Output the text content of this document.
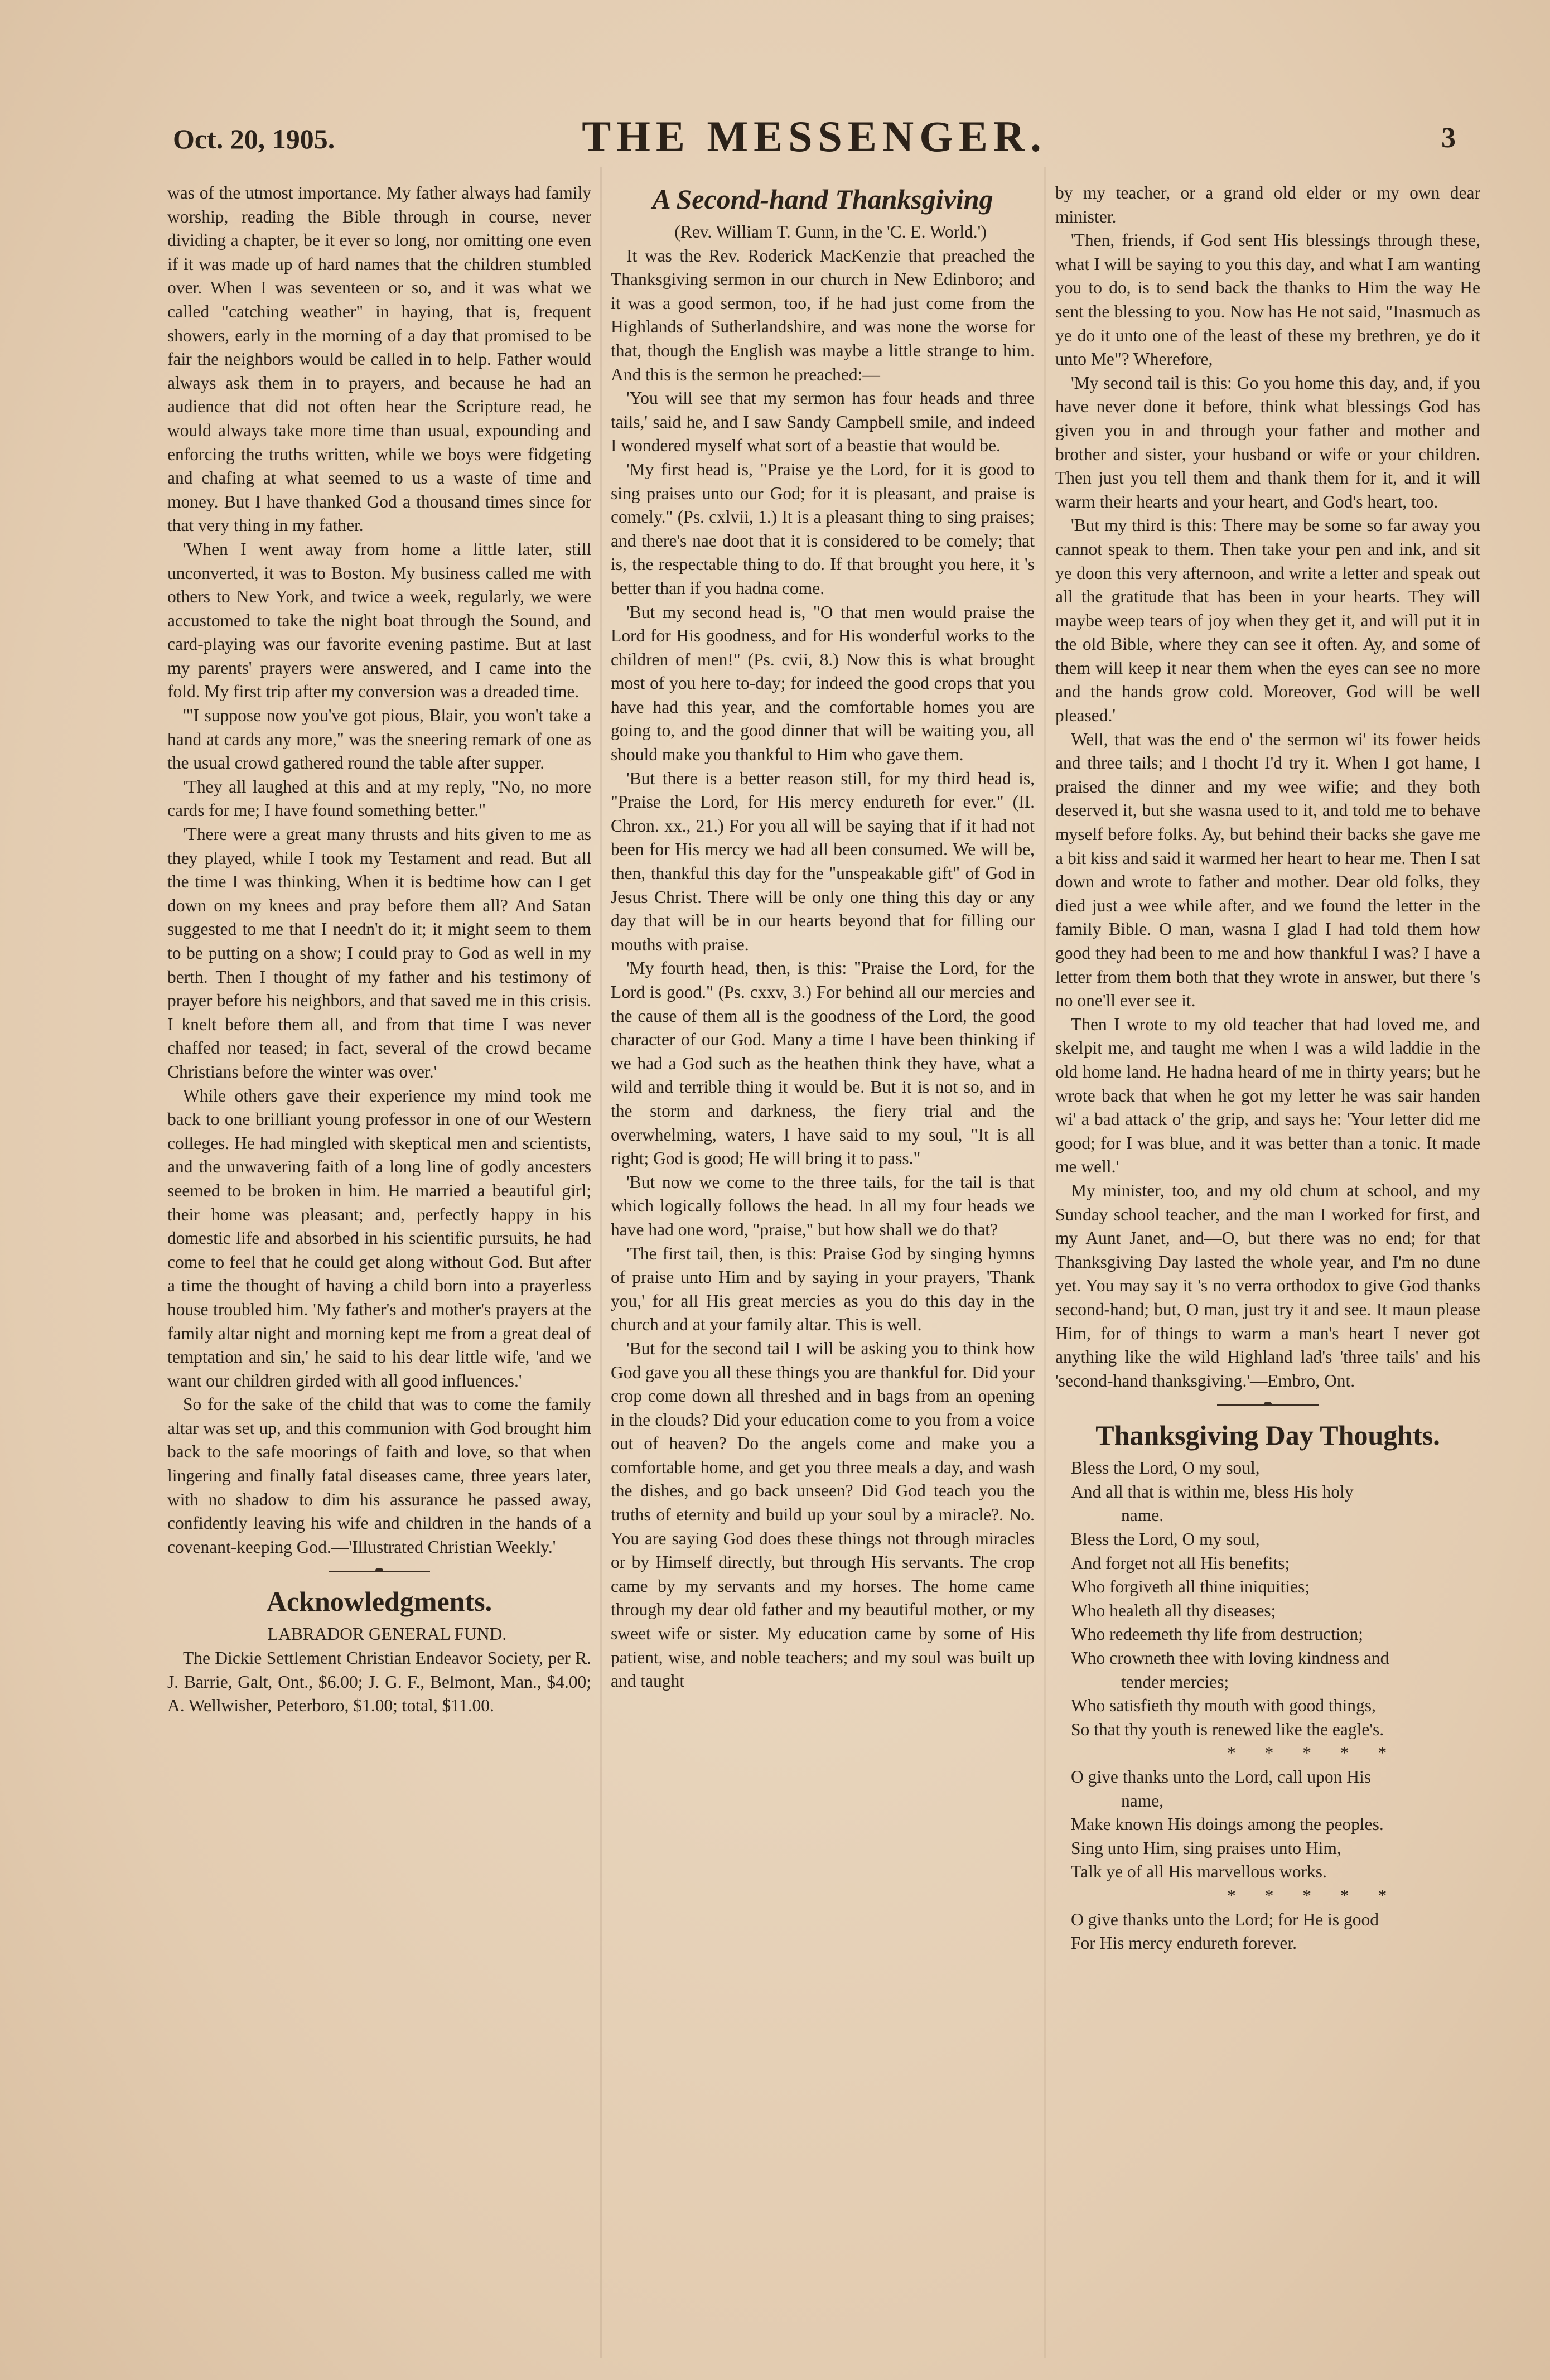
Oct. 20, 1905.	THE MESSENGER.	3

was of the utmost importance. My father always had family worship, reading the Bible through in course, never dividing a chapter, be it ever so long, nor omitting one even if it was made up of hard names that the children stumbled over. When I was seventeen or so, and it was what we called "catching weather" in haying, that is, frequent showers, early in the morning of a day that promised to be fair the neighbors would be called in to help. Father would always ask them in to prayers, and because he had an audience that did not often hear the Scripture read, he would always take more time than usual, expounding and enforcing the truths written, while we boys were fidgeting and chafing at what seemed to us a waste of time and money. But I have thanked God a thousand times since for that very thing in my father.

'When I went away from home a little later, still unconverted, it was to Boston. My business called me with others to New York, and twice a week, regularly, we were accustomed to take the night boat through the Sound, and card-playing was our favorite evening pastime. But at last my parents' prayers were answered, and I came into the fold. My first trip after my conversion was a dreaded time.

'"I suppose now you've got pious, Blair, you won't take a hand at cards any more," was the sneering remark of one as the usual crowd gathered round the table after supper.

'They all laughed at this and at my reply, "No, no more cards for me; I have found something better."

'There were a great many thrusts and hits given to me as they played, while I took my Testament and read. But all the time I was thinking, When it is bedtime how can I get down on my knees and pray before them all? And Satan suggested to me that I needn't do it; it might seem to them to be putting on a show; I could pray to God as well in my berth. Then I thought of my father and his testimony of prayer before his neighbors, and that saved me in this crisis. I knelt before them all, and from that time I was never chaffed nor teased; in fact, several of the crowd became Christians before the winter was over.'

While others gave their experience my mind took me back to one brilliant young professor in one of our Western colleges. He had mingled with skeptical men and scientists, and the unwavering faith of a long line of godly ancesters seemed to be broken in him. He married a beautiful girl; their home was pleasant; and, perfectly happy in his domestic life and absorbed in his scientific pursuits, he had come to feel that he could get along without God. But after a time the thought of having a child born into a prayerless house troubled him. 'My father's and mother's prayers at the family altar night and morning kept me from a great deal of temptation and sin,' he said to his dear little wife, 'and we want our children girded with all good influences.'

So for the sake of the child that was to come the family altar was set up, and this communion with God brought him back to the safe moorings of faith and love, so that when lingering and finally fatal diseases came, three years later, with no shadow to dim his assurance he passed away, confidently leaving his wife and children in the hands of a covenant-keeping God.—'Illustrated Christian Weekly.'

Acknowledgments.

LABRADOR GENERAL FUND.

The Dickie Settlement Christian Endeavor Society, per R. J. Barrie, Galt, Ont., $6.00; J. G. F., Belmont, Man., $4.00; A. Wellwisher, Peterboro, $1.00; total, $11.00.

A Second-hand Thanksgiving

(Rev. William T. Gunn, in the 'C. E. World.')

It was the Rev. Roderick MacKenzie that preached the Thanksgiving sermon in our church in New Edinboro; and it was a good sermon, too, if he had just come from the Highlands of Sutherlandshire, and was none the worse for that, though the English was maybe a little strange to him. And this is the sermon he preached:—

'You will see that my sermon has four heads and three tails,' said he, and I saw Sandy Campbell smile, and indeed I wondered myself what sort of a beastie that would be.

'My first head is, "Praise ye the Lord, for it is good to sing praises unto our God; for it is pleasant, and praise is comely." (Ps. cxlvii, 1.) It is a pleasant thing to sing praises; and there's nae doot that it is considered to be comely; that is, the respectable thing to do. If that brought you here, it 's better than if you hadna come.

'But my second head is, "O that men would praise the Lord for His goodness, and for His wonderful works to the children of men!" (Ps. cvii, 8.) Now this is what brought most of you here to-day; for indeed the good crops that you have had this year, and the comfortable homes you are going to, and the good dinner that will be waiting you, all should make you thankful to Him who gave them.

'But there is a better reason still, for my third head is, "Praise the Lord, for His mercy endureth for ever." (II. Chron. xx., 21.) For you all will be saying that if it had not been for His mercy we had all been consumed. We will be, then, thankful this day for the "unspeakable gift" of God in Jesus Christ. There will be only one thing this day or any day that will be in our hearts beyond that for filling our mouths with praise.

'My fourth head, then, is this: "Praise the Lord, for the Lord is good." (Ps. cxxv, 3.) For behind all our mercies and the cause of them all is the goodness of the Lord, the good character of our God. Many a time I have been thinking if we had a God such as the heathen think they have, what a wild and terrible thing it would be. But it is not so, and in the storm and darkness, the fiery trial and the overwhelming, waters, I have said to my soul, "It is all right; God is good; He will bring it to pass."

'But now we come to the three tails, for the tail is that which logically follows the head. In all my four heads we have had one word, "praise," but how shall we do that?

'The first tail, then, is this: Praise God by singing hymns of praise unto Him and by saying in your prayers, 'Thank you,' for all His great mercies as you do this day in the church and at your family altar. This is well.

'But for the second tail I will be asking you to think how God gave you all these things you are thankful for. Did your crop come down all threshed and in bags from an opening in the clouds? Did your education come to you from a voice out of heaven? Do the angels come and make you a comfortable home, and get you three meals a day, and wash the dishes, and go back unseen? Did God teach you the truths of eternity and build up your soul by a miracle?. No. You are saying God does these things not through miracles or by Himself directly, but through His servants. The crop came by my servants and my horses. The home came through my dear old father and my beautiful mother, or my sweet wife or sister. My education came by some of His patient, wise, and noble teachers; and my soul was built up and taught

by my teacher, or a grand old elder or my own dear minister.

'Then, friends, if God sent His blessings through these, what I will be saying to you this day, and what I am wanting you to do, is to send back the thanks to Him the way He sent the blessing to you. Now has He not said, "Inasmuch as ye do it unto one of the least of these my brethren, ye do it unto Me"? Wherefore,

'My second tail is this: Go you home this day, and, if you have never done it before, think what blessings God has given you in and through your father and mother and brother and sister, your husband or wife or your children. Then just you tell them and thank them for it, and it will warm their hearts and your heart, and God's heart, too.

'But my third is this: There may be some so far away you cannot speak to them. Then take your pen and ink, and sit ye doon this very afternoon, and write a letter and speak out all the gratitude that has been in your hearts. They will maybe weep tears of joy when they get it, and will put it in the old Bible, where they can see it often. Ay, and some of them will keep it near them when the eyes can see no more and the hands grow cold. Moreover, God will be well pleased.'

Well, that was the end o' the sermon wi' its fower heids and three tails; and I thocht I'd try it. When I got hame, I praised the dinner and my wee wifie; and they both deserved it, but she wasna used to it, and told me to behave myself before folks. Ay, but behind their backs she gave me a bit kiss and said it warmed her heart to hear me. Then I sat down and wrote to father and mother. Dear old folks, they died just a wee while after, and we found the letter in the family Bible. O man, wasna I glad I had told them how good they had been to me and how thankful I was? I have a letter from them both that they wrote in answer, but there 's no one'll ever see it.

Then I wrote to my old teacher that had loved me, and skelpit me, and taught me when I was a wild laddie in the old home land. He hadna heard of me in thirty years; but he wrote back that when he got my letter he was sair handen wi' a bad attack o' the grip, and says he: 'Your letter did me good; for I was blue, and it was better than a tonic. It made me well.'

My minister, too, and my old chum at school, and my Sunday school teacher, and the man I worked for first, and my Aunt Janet, and—O, but there was no end; for that Thanksgiving Day lasted the whole year, and I'm no dune yet. You may say it 's no verra orthodox to give God thanks second-hand; but, O man, just try it and see. It maun please Him, for of things to warm a man's heart I never got anything like the wild Highland lad's 'three tails' and his 'second-hand thanksgiving.'—Embro, Ont.

Thanksgiving Day Thoughts.

Bless the Lord, O my soul,

And all that is within me, bless His holy

name.

Bless the Lord, O my soul,

And forget not all His benefits;

Who forgiveth all thine iniquities;

Who healeth all thy diseases;

Who redeemeth thy life from destruction;

Who crowneth thee with loving kindness and

tender mercies;

Who satisfieth thy mouth with good things,

So that thy youth is renewed like the eagle's.

* * * * *

O give thanks unto the Lord, call upon His

name,

Make known His doings among the peoples.

Sing unto Him, sing praises unto Him,

Talk ye of all His marvellous works.

* * * * *

O give thanks unto the Lord; for He is good

For His mercy endureth forever.
